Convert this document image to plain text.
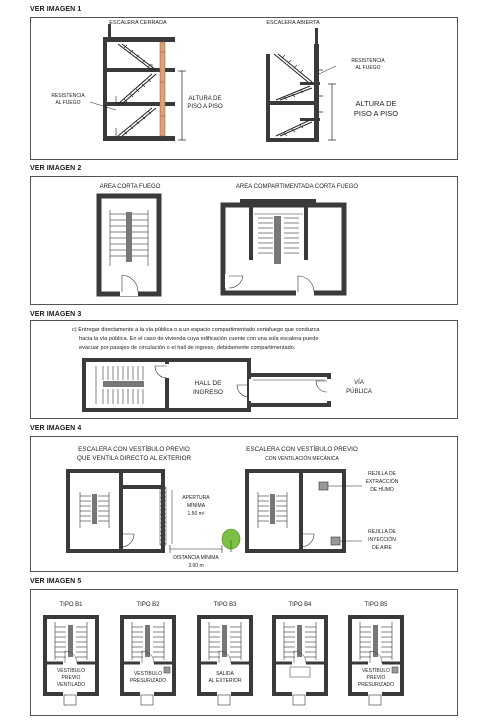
VER IMAGEN 1
VER IMAGEN 2
VER IMAGEN 3
VER IMAGEN 4
VER IMAGEN 5
ESCALERA CERRADA	ESCALERA ABIERTA
RESISTENCIA
AL FUEGO
ALTURA DE
PISO A PISO
RESISTENCIA
AL FUEGO
ALTURA DE
PISO A PISO
AREA CORTA FUEGO	AREA COMPARTIMENTADA CORTA FUEGO
c) Entregar directamente a la vía pública o a un espacio compartimentado cortafuego que conduzca
hacia la vía pública. En el caso de vivienda cuya edificación cuente con una sola escalera puede
evacuar por pasajes de circulación o el hall de ingreso, debidamente compartimentado.
HALL DE
INGRESO
VÍA
PÚBLICA
ESCALERA CON VESTÍBULO PREVIO
QUE VENTILA DIRECTO AL EXTERIOR
ESCALERA CON VESTÍBULO PREVIO
CON VENTILACIÓN MECÁNICA
APERTURA
MÍNIMA
1.50 m²
DISTANCIA MÍNIMA
3.00 m
REJILLA DE
EXTRACCIÓN
DE HUMO
REJILLA DE
INYECCIÓN
DE AIRE
TIPO B1
VESTÍBULO
PREVIO
VENTILADO
TIPO B2
VESTÍBULO
PRESURIZADO
TIPO B3
SALIDA
AL EXTERIOR
TIPO B4	TIPO B5
VESTÍBULO
PREVIO
PRESURIZADO
